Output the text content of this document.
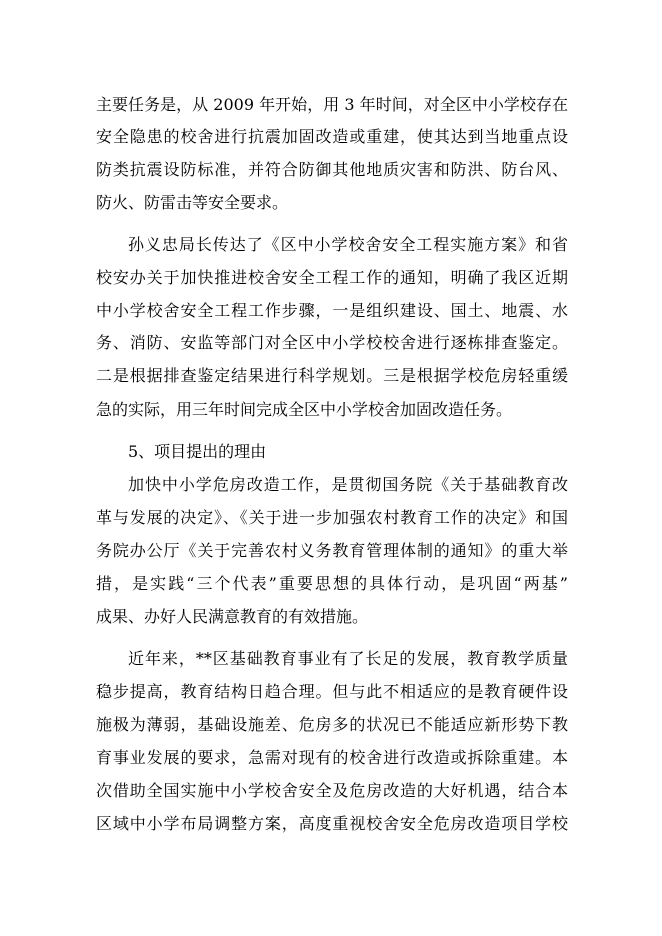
主要任务是，从 2009 年开始，用 3 年时间，对全区中小学校存在
安全隐患的校舍进行抗震加固改造或重建，使其达到当地重点设
防类抗震设防标准，并符合防御其他地质灾害和防洪、防台风、
防火、防雷击等安全要求。
孙义忠局长传达了《区中小学校舍安全工程实施方案》和省
校安办关于加快推进校舍安全工程工作的通知，明确了我区近期
中小学校舍安全工程工作步骤，一是组织建设、国土、地震、水
务、消防、安监等部门对全区中小学校校舍进行逐栋排查鉴定。
二是根据排查鉴定结果进行科学规划。三是根据学校危房轻重缓
急的实际，用三年时间完成全区中小学校舍加固改造任务。
5、项目提出的理由
加快中小学危房改造工作，是贯彻国务院《关于基础教育改
革与发展的决定》、《关于进一步加强农村教育工作的决定》和国
务院办公厅《关于完善农村义务教育管理体制的通知》的重大举
措，是实践“三个代表”重要思想的具体行动，是巩固“两基”
成果、办好人民满意教育的有效措施。
近年来，**区基础教育事业有了长足的发展，教育教学质量
稳步提高，教育结构日趋合理。但与此不相适应的是教育硬件设
施极为薄弱，基础设施差、危房多的状况已不能适应新形势下教
育事业发展的要求，急需对现有的校舍进行改造或拆除重建。本
次借助全国实施中小学校舍安全及危房改造的大好机遇，结合本
区域中小学布局调整方案，高度重视校舍安全危房改造项目学校
